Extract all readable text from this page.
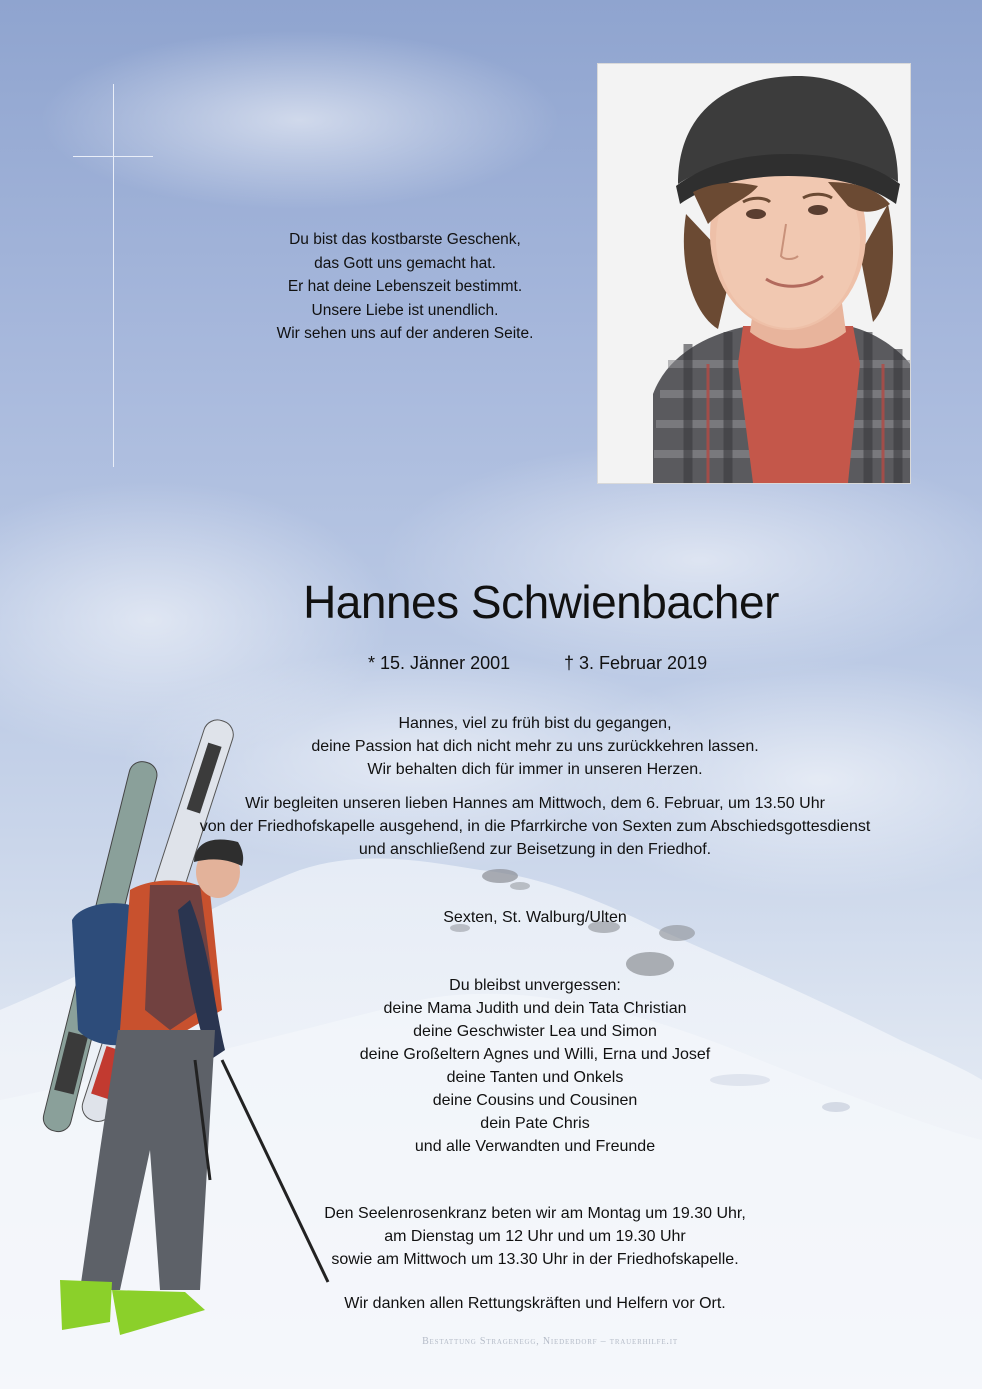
Du bist das kostbarste Geschenk,
das Gott uns gemacht hat.
Er hat deine Lebenszeit bestimmt.
Unsere Liebe ist unendlich.
Wir sehen uns auf der anderen Seite.
Hannes Schwienbacher
* 15. Jänner 2001	† 3. Februar 2019
Hannes, viel zu früh bist du gegangen,
deine Passion hat dich nicht mehr zu uns zurückkehren lassen.
Wir behalten dich für immer in unseren Herzen.
Wir begleiten unseren lieben Hannes am Mittwoch, dem 6. Februar, um 13.50 Uhr
von der Friedhofskapelle ausgehend, in die Pfarrkirche von Sexten zum Abschiedsgottesdienst
und anschließend zur Beisetzung in den Friedhof.
Sexten, St. Walburg/Ulten
Du bleibst unvergessen:
deine Mama Judith und dein Tata Christian
deine Geschwister Lea und Simon
deine Großeltern Agnes und Willi, Erna und Josef
deine Tanten und Onkels
deine Cousins und Cousinen
dein Pate Chris
und alle Verwandten und Freunde
Den Seelenrosenkranz beten wir am Montag um 19.30 Uhr,
am Dienstag um 12 Uhr und um 19.30 Uhr
sowie am Mittwoch um 13.30 Uhr in der Friedhofskapelle.
Wir danken allen Rettungskräften und Helfern vor Ort.
Bestattung Stragenegg, Niederdorf – trauerhilfe.it
